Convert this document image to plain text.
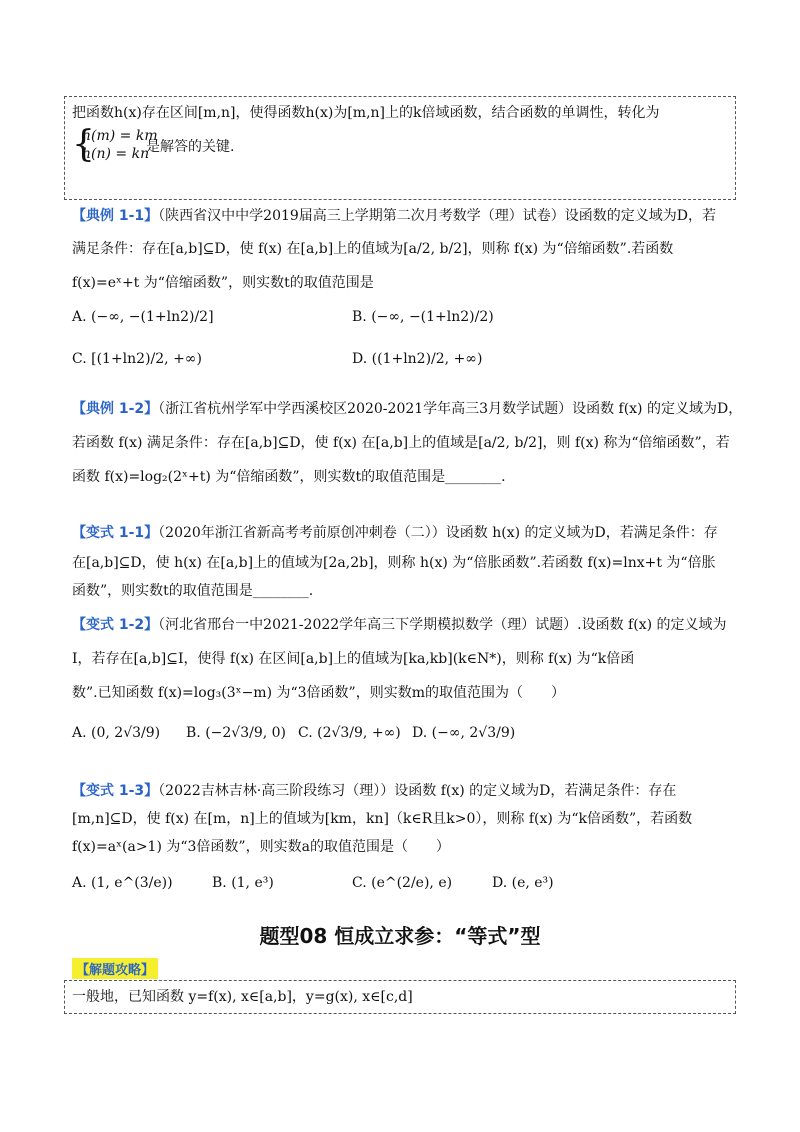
把函数h(x)存在区间[m,n]，使得函数h(x)为[m,n]上的k倍域函数，结合函数的单调性，转化为
{
h(m) = km
h(n) = kn
是解答的关键.
【典例 1-1】（陕西省汉中中学2019届高三上学期第二次月考数学（理）试卷）设函数的定义域为D，若
满足条件：存在[a,b]⊆D，使 f(x) 在[a,b]上的值域为[a/2, b/2]，则称 f(x) 为“倍缩函数”.若函数
f(x)=eˣ+t 为“倍缩函数”，则实数t的取值范围是
A. (−∞, −(1+ln2)/2]	B. (−∞, −(1+ln2)/2)
C. [(1+ln2)/2, +∞)	D. ((1+ln2)/2, +∞)
【典例 1-2】（浙江省杭州学军中学西溪校区2020-2021学年高三3月数学试题）设函数 f(x) 的定义域为D，
若函数 f(x) 满足条件：存在[a,b]⊆D，使 f(x) 在[a,b]上的值域是[a/2, b/2]，则 f(x) 称为“倍缩函数”，若
函数 f(x)=log₂(2ˣ+t) 为“倍缩函数”，则实数t的取值范围是________.
【变式 1-1】（2020年浙江省新高考考前原创冲刺卷（二））设函数 h(x) 的定义域为D，若满足条件：存
在[a,b]⊆D，使 h(x) 在[a,b]上的值域为[2a,2b]，则称 h(x) 为“倍胀函数”.若函数 f(x)=lnx+t 为“倍胀
函数”，则实数t的取值范围是________.
【变式 1-2】（河北省邢台一中2021-2022学年高三下学期模拟数学（理）试题）.设函数 f(x) 的定义域为
I，若存在[a,b]⊆I，使得 f(x) 在区间[a,b]上的值域为[ka,kb](k∈N*)，则称 f(x) 为“k倍函
数”.已知函数 f(x)=log₃(3ˣ−m) 为“3倍函数”，则实数m的取值范围为（　　）
A. (0, 2√3/9) B. (−2√3/9, 0) C. (2√3/9, +∞) D. (−∞, 2√3/9)
【变式 1-3】（2022吉林吉林·高三阶段练习（理））设函数 f(x) 的定义域为D，若满足条件：存在
[m,n]⊆D，使 f(x) 在[m，n]上的值域为[km，kn]（k∈R且k>0），则称 f(x) 为“k倍函数”，若函数
f(x)=aˣ(a>1) 为“3倍函数”，则实数a的取值范围是（　　）
A. (1, e^(3/e))	B. (1, e³)	C. (e^(2/e), e)	D. (e, e³)
题型08 恒成立求参：“等式”型
【解题攻略】
一般地，已知函数 y=f(x), x∈[a,b]，y=g(x), x∈[c,d]
